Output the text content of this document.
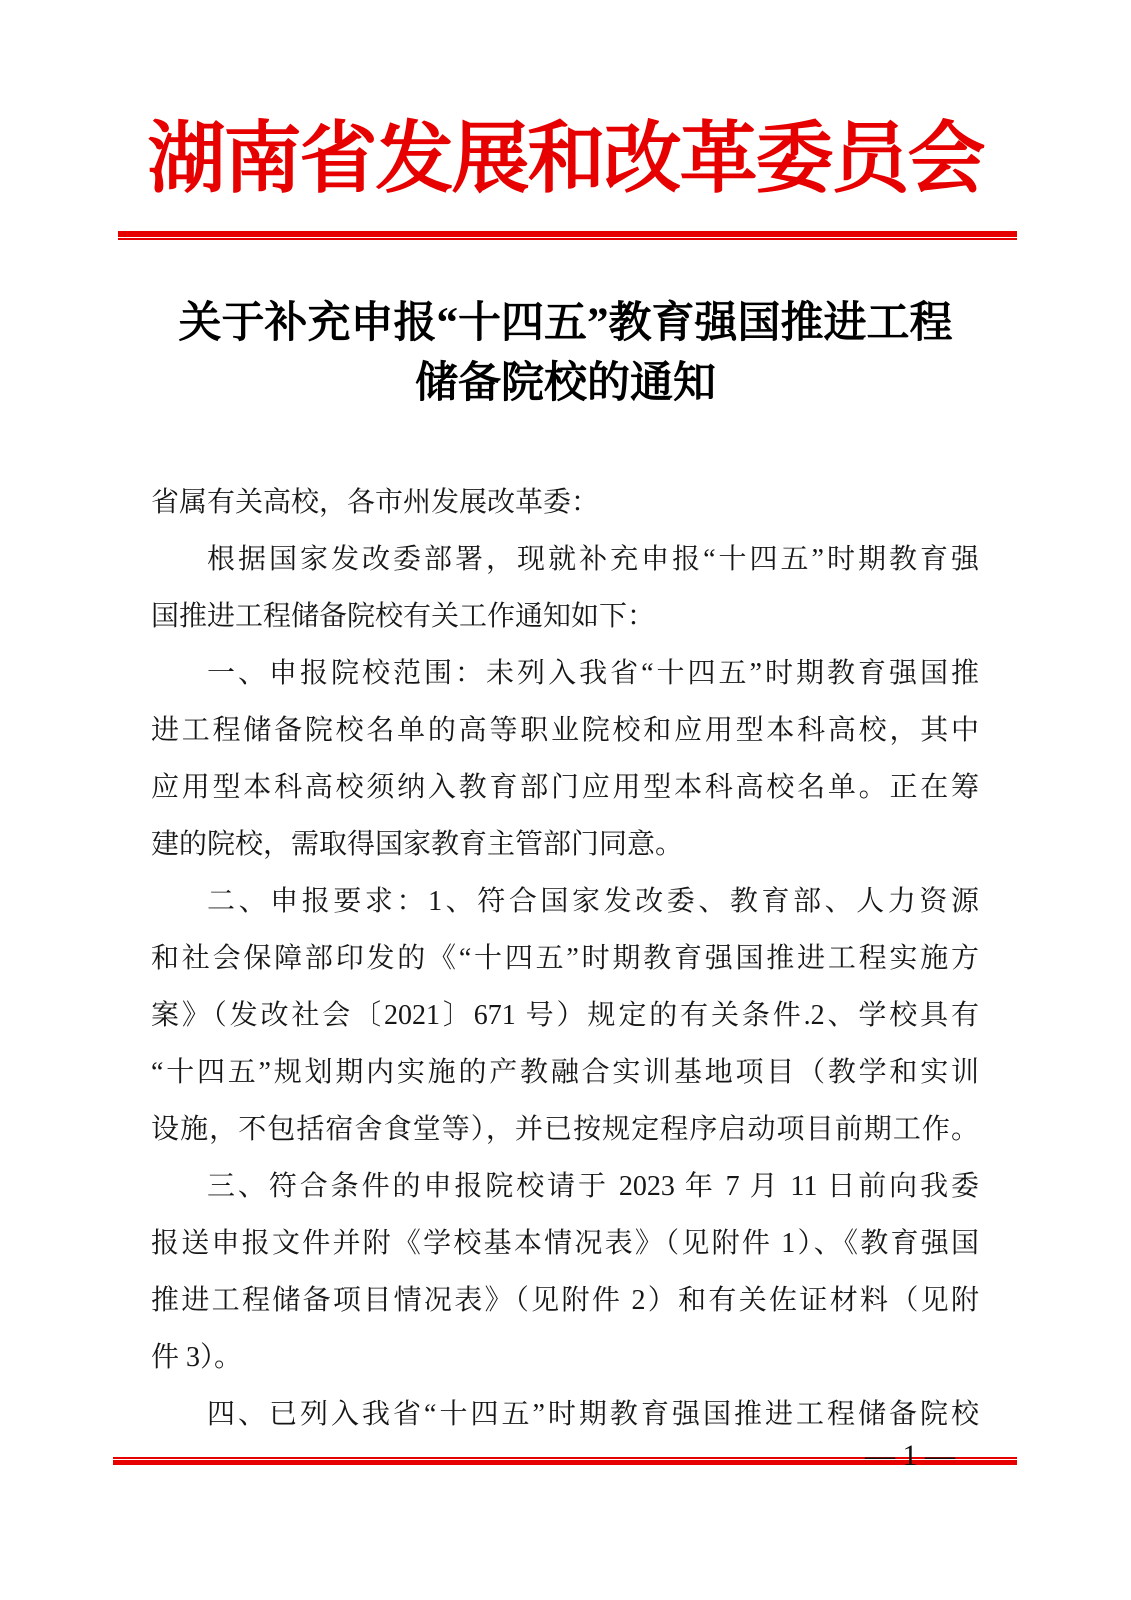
湖南省发展和改革委员会
关于补充申报“十四五”教育强国推进工程
储备院校的通知
省属有关高校，各市州发展改革委：
根据国家发改委部署，现就补充申报“十四五”时期教育强
国推进工程储备院校有关工作通知如下：
一、申报院校范围：未列入我省“十四五”时期教育强国推
进工程储备院校名单的高等职业院校和应用型本科高校，其中
应用型本科高校须纳入教育部门应用型本科高校名单。正在筹
建的院校，需取得国家教育主管部门同意。
二、申报要求：1、符合国家发改委、教育部、人力资源
和社会保障部印发的《“十四五”时期教育强国推进工程实施方
案》（发改社会〔2021〕671 号）规定的有关条件.2、学校具有
“十四五”规划期内实施的产教融合实训基地项目（教学和实训
设施，不包括宿舍食堂等），并已按规定程序启动项目前期工作。
三、符合条件的申报院校请于 2023 年 7 月 11 日前向我委
报送申报文件并附《学校基本情况表》（见附件 1）、《教育强国
推进工程储备项目情况表》（见附件 2）和有关佐证材料（见附
件 3）。
四、已列入我省“十四五”时期教育强国推进工程储备院校
— 1 —
